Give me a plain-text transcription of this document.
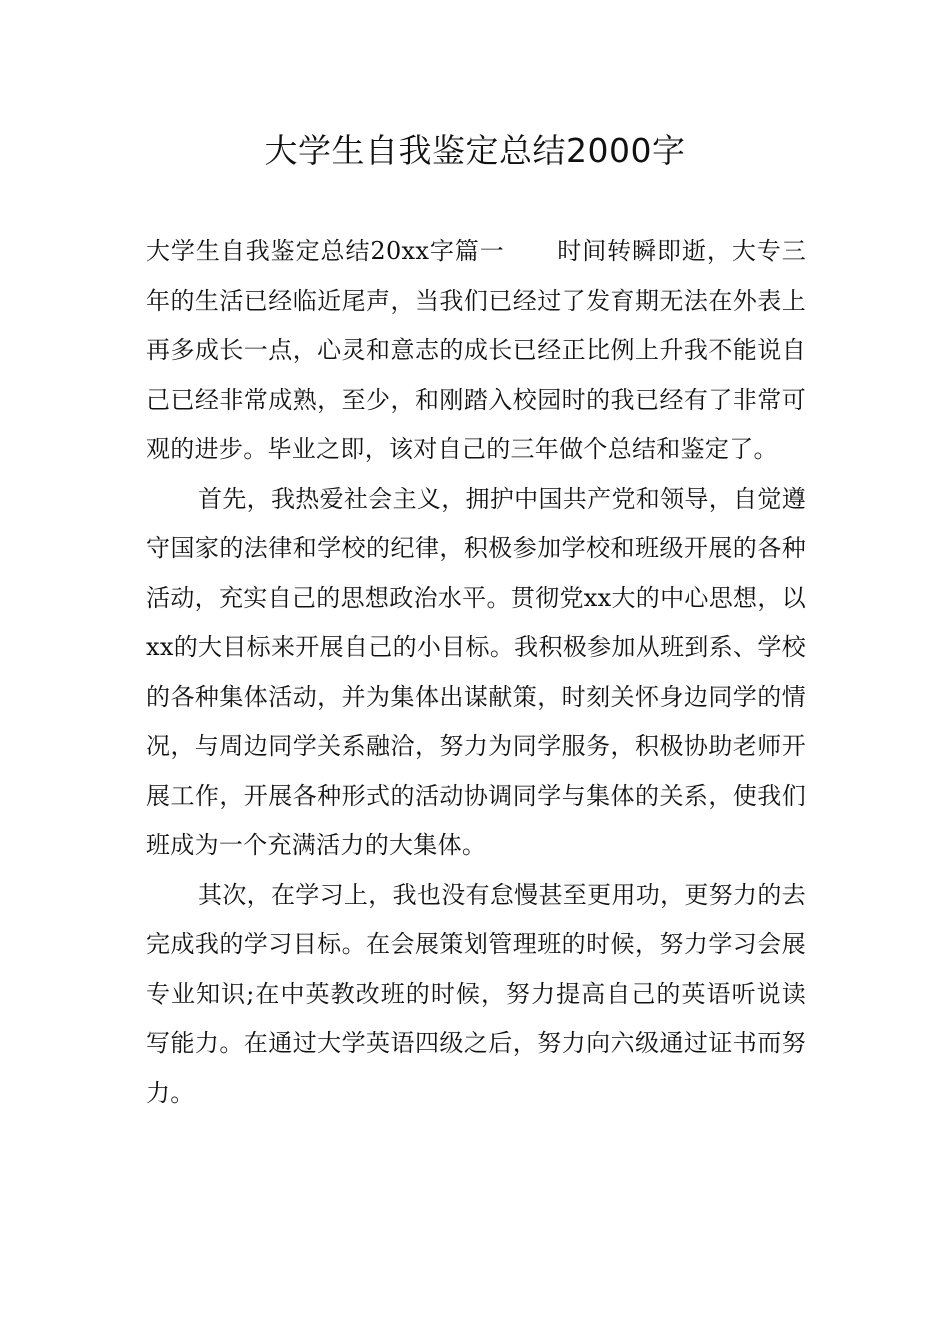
大学生自我鉴定总结2000字

大学生自我鉴定总结20xx字篇一 时间转瞬即逝，大专三年的生活已经临近尾声，当我们已经过了发育期无法在外表上再多成长一点，心灵和意志的成长已经正比例上升我不能说自己已经非常成熟，至少，和刚踏入校园时的我已经有了非常可观的进步。毕业之即，该对自己的三年做个总结和鉴定了。

首先，我热爱社会主义，拥护中国共产党和领导，自觉遵守国家的法律和学校的纪律，积极参加学校和班级开展的各种活动，充实自己的思想政治水平。贯彻党xx大的中心思想，以xx的大目标来开展自己的小目标。我积极参加从班到系、学校的各种集体活动，并为集体出谋献策，时刻关怀身边同学的情况，与周边同学关系融洽，努力为同学服务，积极协助老师开展工作，开展各种形式的活动协调同学与集体的关系，使我们班成为一个充满活力的大集体。

其次，在学习上，我也没有怠慢甚至更用功，更努力的去完成我的学习目标。在会展策划管理班的时候，努力学习会展专业知识;在中英教改班的时候，努力提高自己的英语听说读写能力。在通过大学英语四级之后，努力向六级通过证书而努力。
